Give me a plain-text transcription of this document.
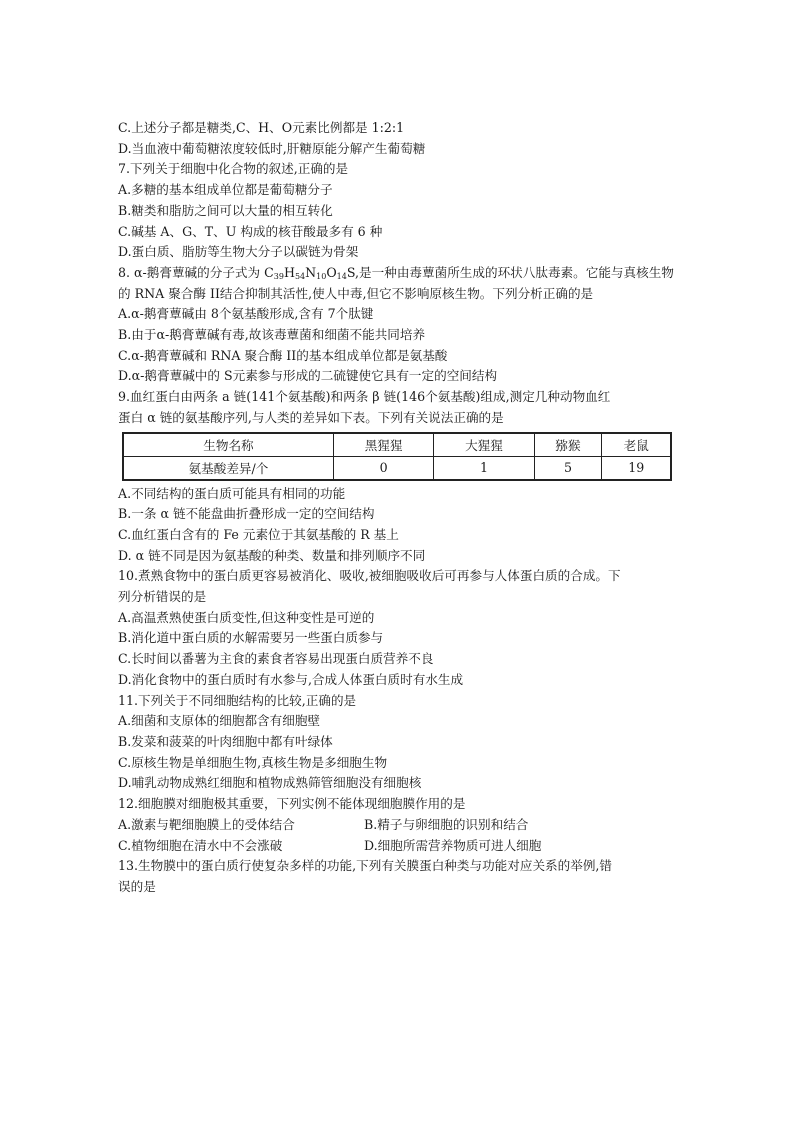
C.上述分子都是糖类,C、H、O元素比例都是 1:2:1
D.当血液中葡萄糖浓度较低时,肝糖原能分解产生葡萄糖
7.下列关于细胞中化合物的叙述,正确的是
A.多糖的基本组成单位都是葡萄糖分子
B.糖类和脂肪之间可以大量的相互转化
C.碱基 A、G、T、U 构成的核苷酸最多有 6 种
D.蛋白质、脂肪等生物大分子以碳链为骨架
8. α-鹅膏蕈碱的分子式为 $C_{39}H_{54}N_{10}O_{14}S$,是一种由毒蕈菌所生成的环状八肽毒素。它能与真核生物的 RNA 聚合酶 II结合抑制其活性,使人中毒,但它不影响原核生物。下列分析正确的是
A.α-鹅膏蕈碱由 8个氨基酸形成,含有 7个肽键
B.由于α-鹅膏蕈碱有毒,故该毒蕈菌和细菌不能共同培养
C.α-鹅膏蕈碱和 RNA 聚合酶 II的基本组成单位都是氨基酸
D.α-鹅膏蕈碱中的 S元素参与形成的二硫键使它具有一定的空间结构
9.血红蛋白由两条 a 链(141个氨基酸)和两条 β 链(146个氨基酸)组成,测定几种动物血红
蛋白 α 链的氨基酸序列,与人类的差异如下表。下列有关说法正确的是
生物名称	黑猩猩	大猩猩	猕猴	老鼠
氨基酸差异/个	0	1	5	19
A.不同结构的蛋白质可能具有相同的功能
B.一条 α 链不能盘曲折叠形成一定的空间结构
C.血红蛋白含有的 Fe 元素位于其氨基酸的 R 基上
D. α 链不同是因为氨基酸的种类、数量和排列顺序不同
10.煮熟食物中的蛋白质更容易被消化、吸收,被细胞吸收后可再参与人体蛋白质的合成。下
列分析错误的是
A.高温煮熟使蛋白质变性,但这种变性是可逆的
B.消化道中蛋白质的水解需要另一些蛋白质参与
C.长时间以番薯为主食的素食者容易出现蛋白质营养不良
D.消化食物中的蛋白质时有水参与,合成人体蛋白质时有水生成
11.下列关于不同细胞结构的比较,正确的是
A.细菌和支原体的细胞都含有细胞壁
B.发菜和菠菜的叶肉细胞中都有叶绿体
C.原核生物是单细胞生物,真核生物是多细胞生物
D.哺乳动物成熟红细胞和植物成熟筛管细胞没有细胞核
12.细胞膜对细胞极其重要，下列实例不能体现细胞膜作用的是
A.激素与靶细胞膜上的受体结合	B.精子与卵细胞的识别和结合
C.植物细胞在清水中不会涨破	D.细胞所需营养物质可进人细胞
13.生物膜中的蛋白质行使复杂多样的功能,下列有关膜蛋白种类与功能对应关系的举例,错
误的是
